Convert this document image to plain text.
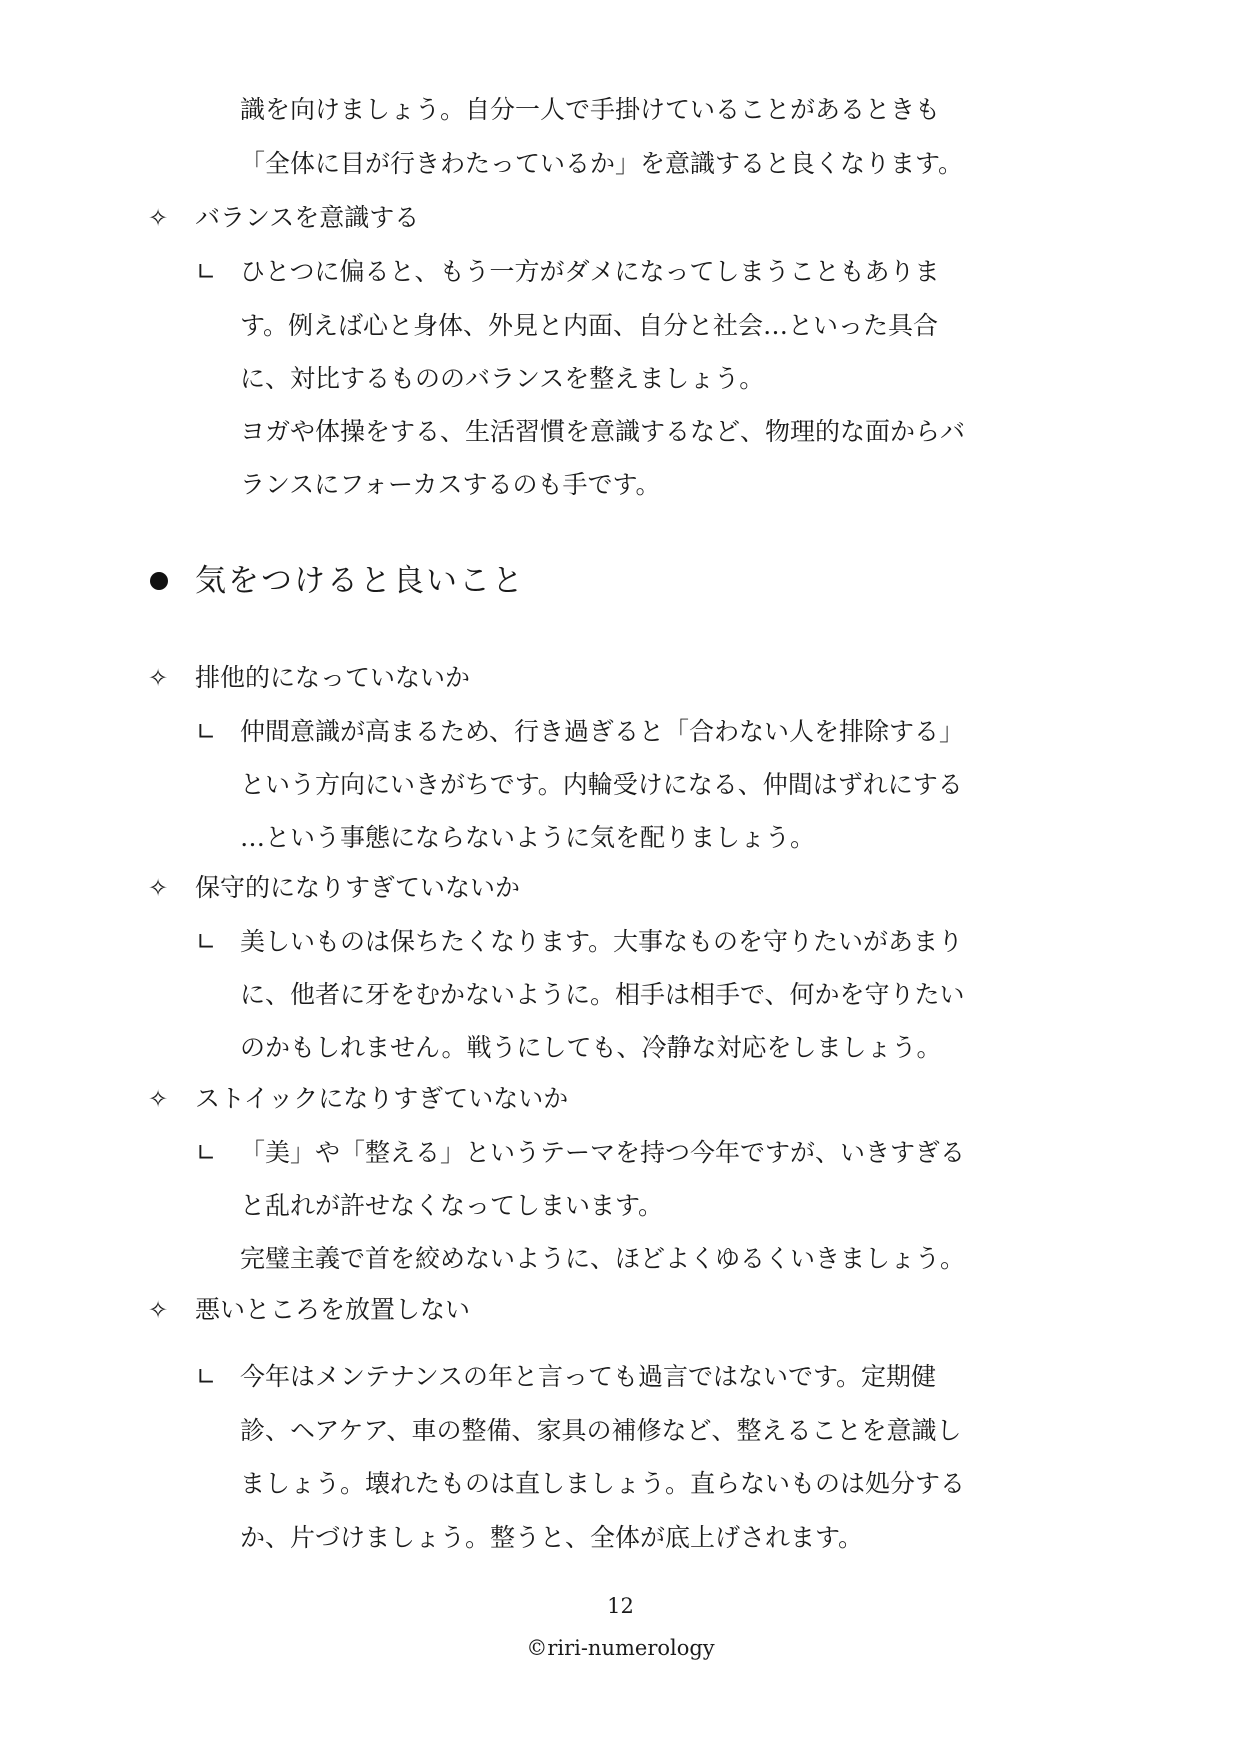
識を向けましょう。自分一人で手掛けていることがあるときも
「全体に目が行きわたっているか」を意識すると良くなります。
✧ バランスを意識する
∟ ひとつに偏ると、もう一方がダメになってしまうこともありま
す。例えば心と身体、外見と内面、自分と社会…といった具合
に、対比するもののバランスを整えましょう。
ヨガや体操をする、生活習慣を意識するなど、物理的な面からバ
ランスにフォーカスするのも手です。
気をつけると良いこと
✧ 排他的になっていないか
∟ 仲間意識が高まるため、行き過ぎると「合わない人を排除する」
という方向にいきがちです。内輪受けになる、仲間はずれにする
…という事態にならないように気を配りましょう。
✧ 保守的になりすぎていないか
∟ 美しいものは保ちたくなります。大事なものを守りたいがあまり
に、他者に牙をむかないように。相手は相手で、何かを守りたい
のかもしれません。戦うにしても、冷静な対応をしましょう。
✧ ストイックになりすぎていないか
∟ 「美」や「整える」というテーマを持つ今年ですが、いきすぎる
と乱れが許せなくなってしまいます。
完璧主義で首を絞めないように、ほどよくゆるくいきましょう。
✧ 悪いところを放置しない
∟ 今年はメンテナンスの年と言っても過言ではないです。定期健
診、ヘアケア、車の整備、家具の補修など、整えることを意識し
ましょう。壊れたものは直しましょう。直らないものは処分する
か、片づけましょう。整うと、全体が底上げされます。
12
©riri-numerology
